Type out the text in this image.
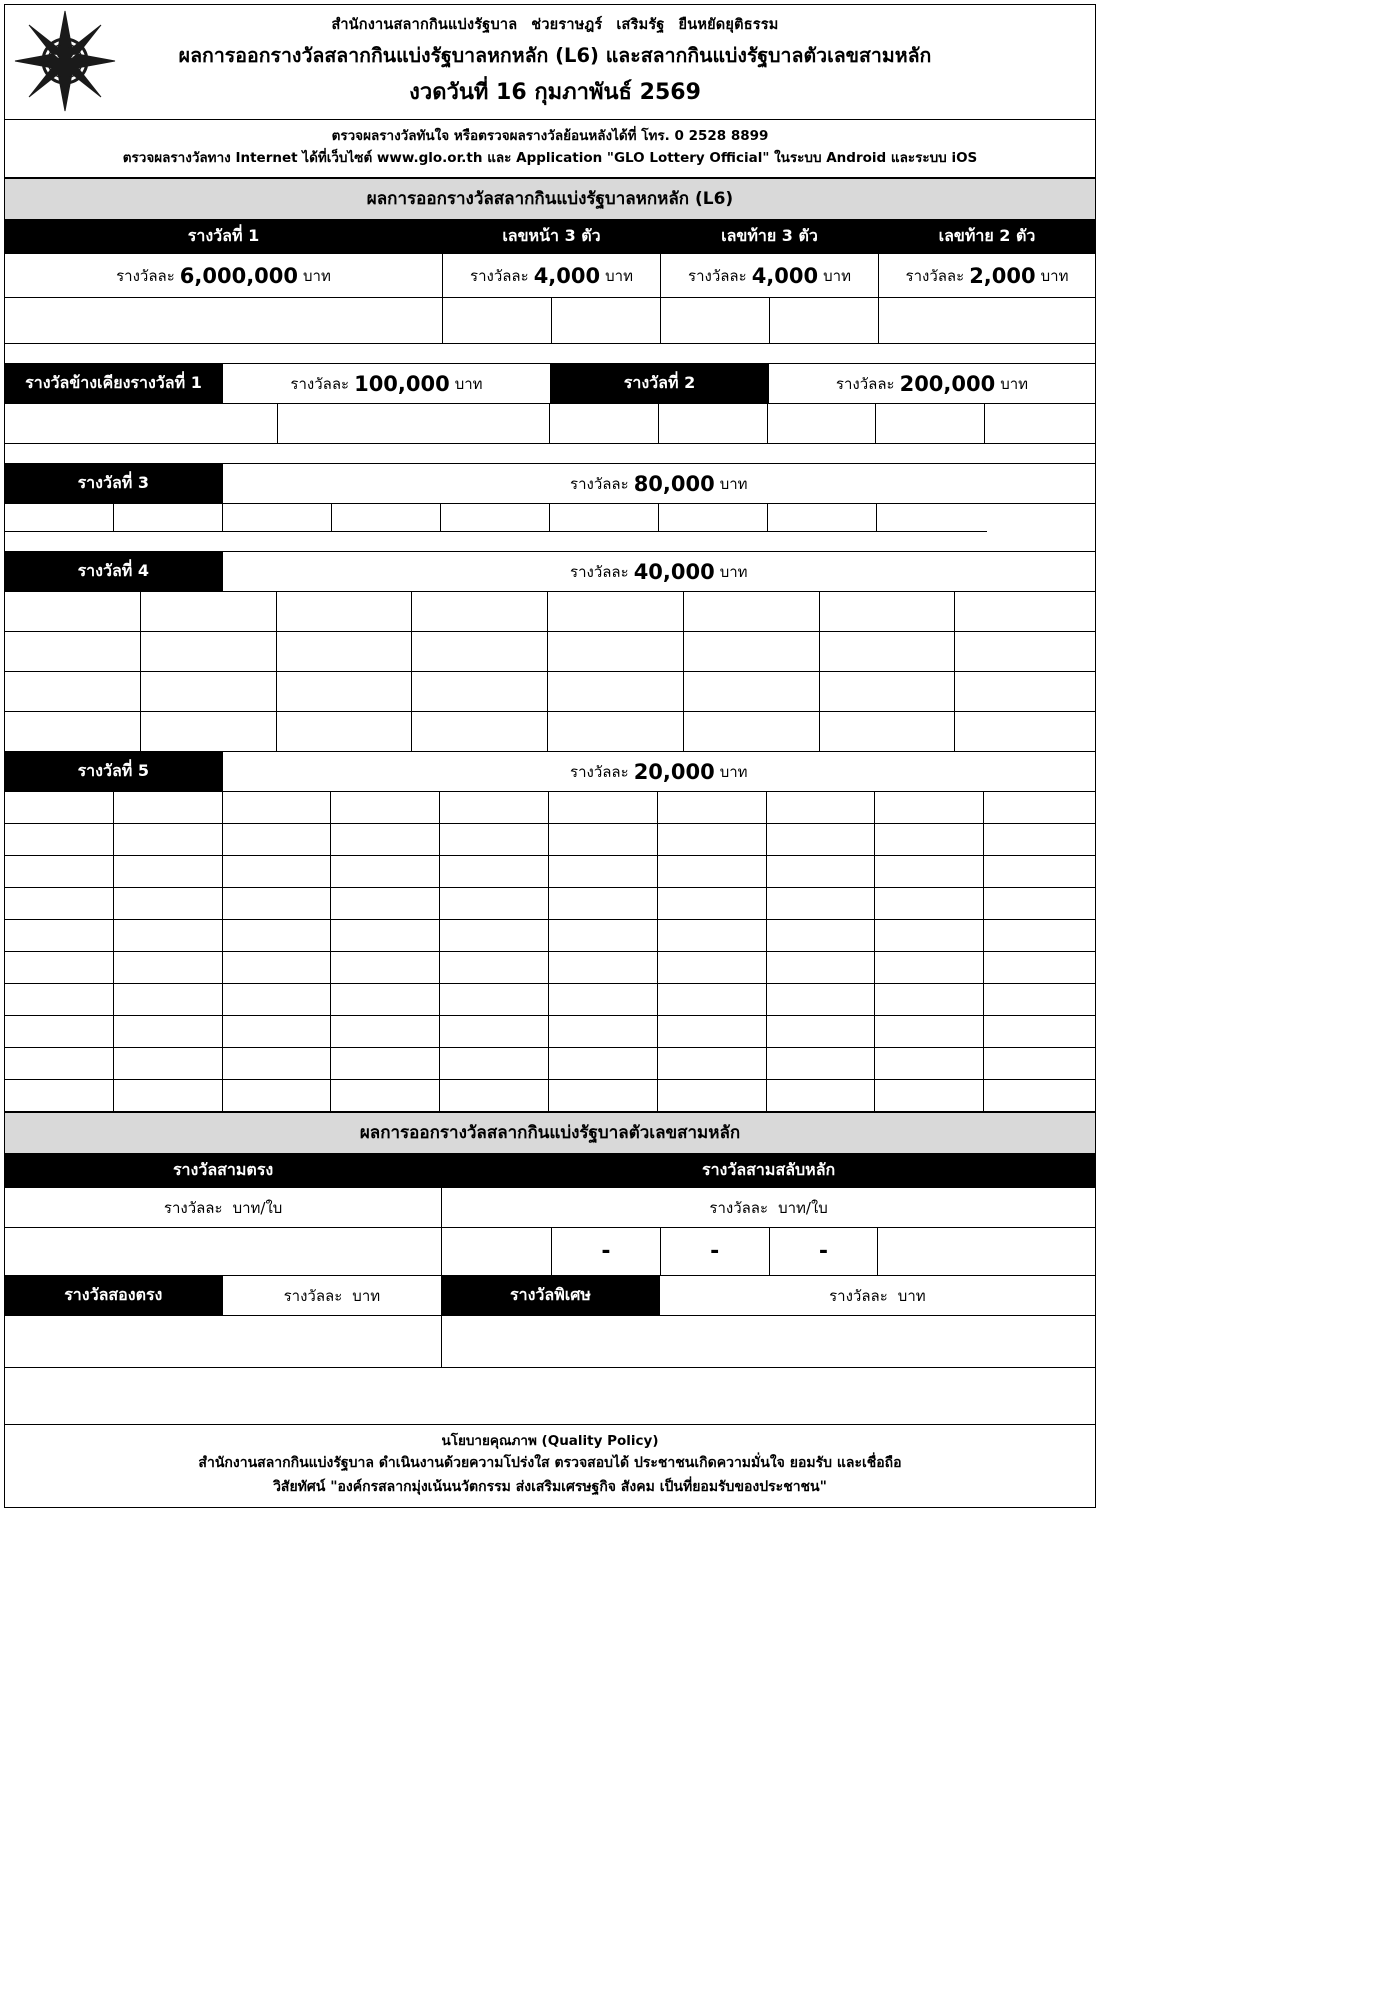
สำนักงานสลากกินแบ่งรัฐบาล ช่วยราษฎร์ เสริมรัฐ ยืนหยัดยุติธรรม
ผลการออกรางวัลสลากกินแบ่งรัฐบาลหกหลัก (L6) และสลากกินแบ่งรัฐบาลตัวเลขสามหลัก
งวดวันที่ 16 กุมภาพันธ์ 2569
ตรวจผลรางวัลทันใจ หรือตรวจผลรางวัลย้อนหลังได้ที่ โทร. 0 2528 8899
ตรวจผลรางวัลทาง Internet ได้ที่เว็บไซต์ www.glo.or.th และ Application "GLO Lottery Official" ในระบบ Android และระบบ iOS
ผลการออกรางวัลสลากกินแบ่งรัฐบาลหกหลัก (L6)
รางวัลที่ 1	เลขหน้า 3 ตัว	เลขท้าย 3 ตัว	เลขท้าย 2 ตัว
รางวัลละ 6,000,000 บาท	รางวัลละ 4,000 บาท	รางวัลละ 4,000 บาท	รางวัลละ 2,000 บาท
รางวัลข้างเคียงรางวัลที่ 1	รางวัลละ 100,000 บาท	รางวัลที่ 2	รางวัลละ 200,000 บาท
รางวัลที่ 3	รางวัลละ 80,000 บาท
รางวัลที่ 4	รางวัลละ 40,000 บาท
รางวัลที่ 5	รางวัลละ 20,000 บาท
ผลการออกรางวัลสลากกินแบ่งรัฐบาลตัวเลขสามหลัก
รางวัลสามตรง	รางวัลสามสลับหลัก
รางวัลละ บาท/ใบ	รางวัลละ บาท/ใบ
-	-	-
รางวัลสองตรง	รางวัลละ บาท	รางวัลพิเศษ	รางวัลละ บาท
นโยบายคุณภาพ (Quality Policy)
สำนักงานสลากกินแบ่งรัฐบาล ดำเนินงานด้วยความโปร่งใส ตรวจสอบได้ ประชาชนเกิดความมั่นใจ ยอมรับ และเชื่อถือ
วิสัยทัศน์ "องค์กรสลากมุ่งเน้นนวัตกรรม ส่งเสริมเศรษฐกิจ สังคม เป็นที่ยอมรับของประชาชน"
